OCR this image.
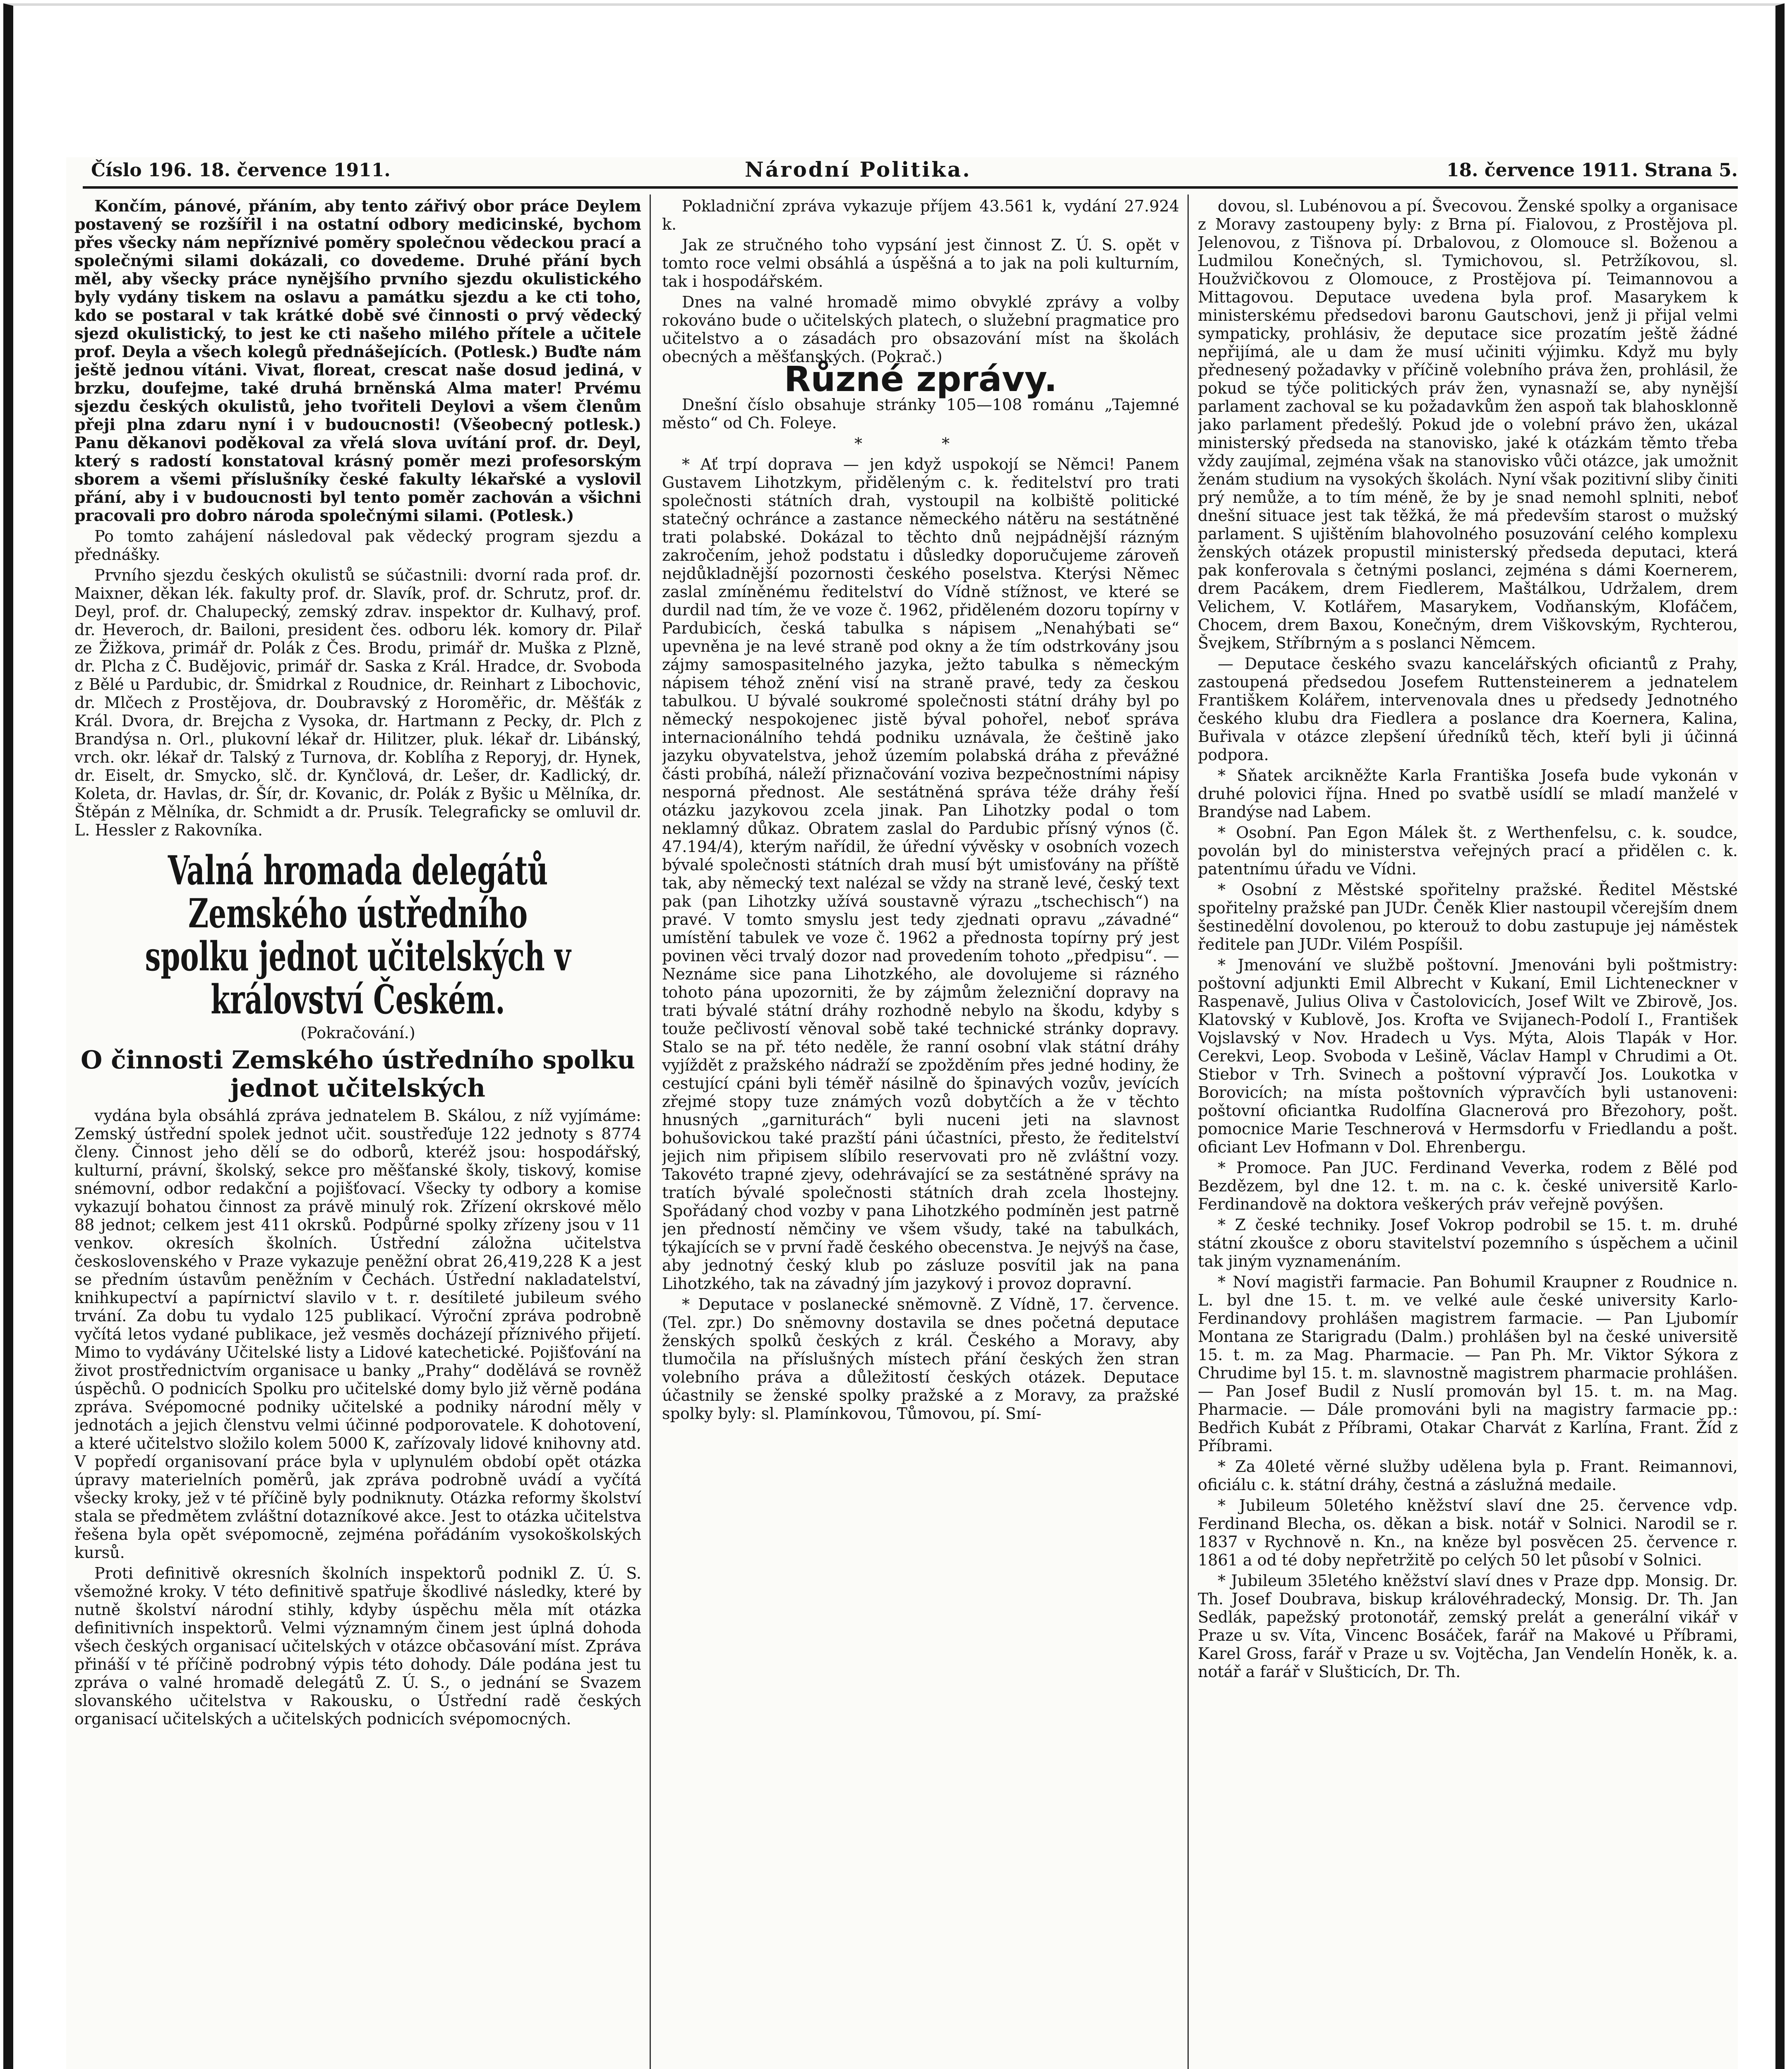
Číslo 196. 18. července 1911.	Národní Politika.	18. července 1911. Strana 5.

Končím, pánové, přáním, aby tento zářivý obor práce Deylem postavený se rozšířil i na ostatní odbory medicinské, bychom přes všecky nám nepříznivé poměry společnou vědeckou prací a společnými silami dokázali, co dovedeme. Druhé přání bych měl, aby všecky práce nynějšího prvního sjezdu okulistického byly vydány tiskem na oslavu a památku sjezdu a ke cti toho, kdo se postaral v tak krátké době své činnosti o prvý vědecký sjezd okulistický, to jest ke cti našeho milého přítele a učitele prof. Deyla a všech kolegů přednášejících. (Potlesk.) Buďte nám ještě jednou vítáni. Vivat, floreat, crescat naše dosud jediná, v brzku, doufejme, také druhá brněnská Alma mater! Prvému sjezdu českých okulistů, jeho tvořiteli Deylovi a všem členům přeji plna zdaru nyní i v budoucnosti! (Všeobecný potlesk.) Panu děkanovi poděkoval za vřelá slova uvítání prof. dr. Deyl, který s radostí konstatoval krásný poměr mezi profesorským sborem a všemi příslušníky české fakulty lékařské a vyslovil přání, aby i v budoucnosti byl tento poměr zachován a všichni pracovali pro dobro národa společnými silami. (Potlesk.)

Po tomto zahájení následoval pak vědecký program sjezdu a přednášky.

Prvního sjezdu českých okulistů se súčastnili: dvorní rada prof. dr. Maixner, děkan lék. fakulty prof. dr. Slavík, prof. dr. Schrutz, prof. dr. Deyl, prof. dr. Chalupecký, zemský zdrav. inspektor dr. Kulhavý, prof. dr. Heveroch, dr. Bailoni, president čes. odboru lék. komory dr. Pilař ze Žižkova, primář dr. Polák z Čes. Brodu, primář dr. Muška z Plzně, dr. Plcha z Č. Budějovic, primář dr. Saska z Král. Hradce, dr. Svoboda z Bělé u Pardubic, dr. Šmidrkal z Roudnice, dr. Reinhart z Libochovic, dr. Mlčech z Prostějova, dr. Doubravský z Horoměřic, dr. Měšťák z Král. Dvora, dr. Brejcha z Vysoka, dr. Hartmann z Pecky, dr. Plch z Brandýsa n. Orl., plukovní lékař dr. Hilitzer, pluk. lékař dr. Libánský, vrch. okr. lékař dr. Talský z Turnova, dr. Koblíha z Reporyj, dr. Hynek, dr. Eiselt, dr. Smycko, slč. dr. Kynčlová, dr. Lešer, dr. Kadlický, dr. Koleta, dr. Havlas, dr. Šír, dr. Kovanic, dr. Polák z Byšic u Mělníka, dr. Štěpán z Mělníka, dr. Schmidt a dr. Prusík. Telegraficky se omluvil dr. L. Hessler z Rakovníka.

Valná hromada delegátů Zemského ústředního spolku jednot učitelských v království Českém.

(Pokračování.)

O činnosti Zemského ústředního spolku jednot učitelských

vydána byla obsáhlá zpráva jednatelem B. Skálou, z níž vyjímáme: Zemský ústřední spolek jednot učit. soustřeďuje 122 jednoty s 8774 členy. Činnost jeho dělí se do odborů, kteréž jsou: hospodářský, kulturní, právní, školský, sekce pro měšťanské školy, tiskový, komise snémovní, odbor redakční a pojišťovací. Všecky ty odbory a komise vykazují bohatou činnost za právě minulý rok. Zřízení okrskové mělo 88 jednot; celkem jest 411 okrsků. Podpůrné spolky zřízeny jsou v 11 venkov. okresích školních. Ústřední záložna učitelstva československého v Praze vykazuje peněžní obrat 26,419,228 K a jest se předním ústavům peněžním v Čechách. Ústřední nakladatelství, knihkupectví a papírnictví slavilo v t. r. desítileté jubileum svého trvání. Za dobu tu vydalo 125 publikací. Výroční zpráva podrobně vyčítá letos vydané publikace, jež vesměs docházejí příznivého přijetí. Mimo to vydávány Učitelské listy a Lidové katechetické. Pojišťování na život prostřednictvím organisace u banky „Prahy“ dodělává se rovněž úspěchů. O podnicích Spolku pro učitelské domy bylo již věrně podána zpráva. Svépomocné podniky učitelské a podniky národní měly v jednotách a jejich členstvu velmi účinné podporovatele. K dohotovení, a které učitelstvo složilo kolem 5000 K, zařízovaly lidové knihovny atd. V popředí organisovaní práce byla v uplynulém období opět otázka úpravy materielních poměrů, jak zpráva podrobně uvádí a vyčítá všecky kroky, jež v té příčině byly podniknuty. Otázka reformy školství stala se předmětem zvláštní dotazníkové akce. Jest to otázka učitelstva řešena byla opět svépomocně, zejména pořádáním vysokoškolských kursů.

Proti definitivě okresních školních inspektorů podnikl Z. Ú. S. všemožné kroky. V této definitivě spatřuje škodlivé následky, které by nutně školství národní stihly, kdyby úspěchu měla mít otázka definitivních inspektorů. Velmi významným činem jest úplná dohoda všech českých organisací učitelských v otázce občasování míst. Zpráva přináší v té příčině podrobný výpis této dohody. Dále podána jest tu zpráva o valné hromadě delegátů Z. Ú. S., o jednání se Svazem slovanského učitelstva v Rakousku, o Ústřední radě českých organisací učitelských a učitelských podnicích svépomocných.

Pokladniční zpráva vykazuje příjem 43.561 k, vydání 27.924 k.

Jak ze stručného toho vypsání jest činnost Z. Ú. S. opět v tomto roce velmi obsáhlá a úspěšná a to jak na poli kulturním, tak i hospodářském.

Dnes na valné hromadě mimo obvyklé zprávy a volby rokováno bude o učitelských platech, o služební pragmatice pro učitelstvo a o zásadách pro obsazování míst na školách obecných a měšťanských. (Pokrač.)

Různé zprávy.

Dnešní číslo obsahuje stránky 105—108 románu „Tajemné město“ od Ch. Foleye.

* *

* Ať trpí doprava — jen když uspokojí se Němci! Panem Gustavem Lihotzkym, přiděleným c. k. ředitelství pro trati společnosti státních drah, vystoupil na kolbiště politické statečný ochránce a zastance německého nátěru na sestátněné trati polabské. Dokázal to těchto dnů nejpádnější rázným zakročením, jehož podstatu i důsledky doporučujeme zároveň nejdůkladnější pozornosti českého poselstva. Kterýsi Němec zaslal zmíněnému ředitelství do Vídně stížnost, ve které se durdil nad tím, že ve voze č. 1962, přiděleném dozoru topírny v Pardubicích, česká tabulka s nápisem „Nenahýbati se“ upevněna je na levé straně pod okny a že tím odstrkovány jsou zájmy samospasitelného jazyka, ježto tabulka s německým nápisem téhož znění visí na straně pravé, tedy za českou tabulkou. U bývalé soukromé společnosti státní dráhy byl po německý nespokojenec jistě býval pohořel, neboť správa internacionálního tehdá podniku uznávala, že češtině jako jazyku obyvatelstva, jehož územím polabská dráha z převážné části probíhá, náleží přiznačování voziva bezpečnostními nápisy nesporná přednost. Ale sestátněná správa téže dráhy řeší otázku jazykovou zcela jinak. Pan Lihotzky podal o tom neklamný důkaz. Obratem zaslal do Pardubic přísný výnos (č. 47.194/4), kterým nařídil, že úřední vývěsky v osobních vozech bývalé společnosti státních drah musí být umisťovány na příště tak, aby německý text nalézal se vždy na straně levé, český text pak (pan Lihotzky užívá soustavně výrazu „tschechisch“) na pravé. V tomto smyslu jest tedy zjednati opravu „závadné“ umístění tabulek ve voze č. 1962 a přednosta topírny prý jest povinen věci trvalý dozor nad provedením tohoto „předpisu“. — Neznáme sice pana Lihotzkého, ale dovolujeme si rázného tohoto pána upozorniti, že by zájmům železniční dopravy na trati bývalé státní dráhy rozhodně nebylo na škodu, kdyby s touže pečlivostí věnoval sobě také technické stránky dopravy. Stalo se na př. této neděle, že ranní osobní vlak státní dráhy vyjíždět z pražského nádraží se zpožděním přes jedné hodiny, že cestující cpáni byli téměř násilně do špinavých vozův, jevících zřejmé stopy tuze známých vozů dobytčích a že v těchto hnusných „garniturách“ byli nuceni jeti na slavnost bohušovickou také prazští páni účastníci, přesto, že ředitelství jejich nim připisem slíbilo reservovati pro ně zvláštní vozy. Takovéto trapné zjevy, odehrávající se za sestátněné správy na tratích bývalé společnosti státních drah zcela lhostejny. Spořádaný chod vozby v pana Lihotzkého podmíněn jest patrně jen předností němčiny ve všem všudy, také na tabulkách, týkajících se v první řadě českého obecenstva. Je nejvýš na čase, aby jednotný český klub po zásluze posvítil jak na pana Lihotzkého, tak na závadný jím jazykový i provoz dopravní.

* Deputace v poslanecké sněmovně. Z Vídně, 17. července. (Tel. zpr.) Do sněmovny dostavila se dnes početná deputace ženských spolků českých z král. Českého a Moravy, aby tlumočila na příslušných místech přání českých žen stran volebního práva a důležitostí českých otázek. Deputace účastnily se ženské spolky pražské a z Moravy, za pražské spolky byly: sl. Plamínkovou, Tůmovou, pí. Smí-

dovou, sl. Lubénovou a pí. Švecovou. Ženské spolky a organisace z Moravy zastoupeny byly: z Brna pí. Fialovou, z Prostějova pl. Jelenovou, z Tišnova pí. Drbalovou, z Olomouce sl. Boženou a Ludmilou Konečných, sl. Tymichovou, sl. Petržíkovou, sl. Houžvičkovou z Olomouce, z Prostějova pí. Teimannovou a Mittagovou. Deputace uvedena byla prof. Masarykem k ministerskému předsedovi baronu Gautschovi, jenž ji přijal velmi sympaticky, prohlásiv, že deputace sice prozatím ještě žádné nepřijímá, ale u dam že musí učiniti výjimku. Když mu byly přednesený požadavky v příčině volebního práva žen, prohlásil, že pokud se týče politických práv žen, vynasnaží se, aby nynější parlament zachoval se ku požadavkům žen aspoň tak blahosklonně jako parlament předešlý. Pokud jde o volební právo žen, ukázal ministerský předseda na stanovisko, jaké k otázkám těmto třeba vždy zaujímal, zejména však na stanovisko vůči otázce, jak umožnit ženám studium na vysokých školách. Nyní však pozitivní sliby činiti prý nemůže, a to tím méně, že by je snad nemohl splniti, neboť dnešní situace jest tak těžká, že má především starost o mužský parlament. S ujištěním blahovolného posuzování celého komplexu ženských otázek propustil ministerský předseda deputaci, která pak konferovala s četnými poslanci, zejména s dámi Koernerem, drem Pacákem, drem Fiedlerem, Maštálkou, Udržalem, drem Velichem, V. Kotlářem, Masarykem, Vodňanským, Klofáčem, Chocem, drem Baxou, Konečným, drem Viškovským, Rychterou, Švejkem, Stříbrným a s poslanci Němcem.

— Deputace českého svazu kancelářských oficiantů z Prahy, zastoupená předsedou Josefem Ruttensteinerem a jednatelem Františkem Kolářem, intervenovala dnes u předsedy Jednotného českého klubu dra Fiedlera a poslance dra Koernera, Kalina, Buřivala v otázce zlepšení úředníků těch, kteří byli ji účinná podpora.

* Sňatek arcikněžte Karla Františka Josefa bude vykonán v druhé polovici října. Hned po svatbě usídlí se mladí manželé v Brandýse nad Labem.

* Osobní. Pan Egon Málek št. z Werthenfelsu, c. k. soudce, povolán byl do ministerstva veřejných prací a přidělen c. k. patentnímu úřadu ve Vídni.

* Osobní z Městské spořitelny pražské. Ředitel Městské spořitelny pražské pan JUDr. Čeněk Klier nastoupil včerejším dnem šestinedělní dovolenou, po kterouž to dobu zastupuje jej náměstek ředitele pan JUDr. Vilém Pospíšil.

* Jmenování ve službě poštovní. Jmenováni byli poštmistry: poštovní adjunkti Emil Albrecht v Kukaní, Emil Lichteneckner v Raspenavě, Julius Oliva v Častolovicích, Josef Wilt ve Zbirově, Jos. Klatovský v Kublově, Jos. Krofta ve Svijanech-Podolí I., František Vojslavský v Nov. Hradech u Vys. Mýta, Alois Tlapák v Hor. Cerekvi, Leop. Svoboda v Lešině, Václav Hampl v Chrudimi a Ot. Stiebor v Trh. Svinech a poštovní výpravčí Jos. Loukotka v Borovicích; na místa poštovních výpravčích byli ustanoveni: poštovní oficiantka Rudolfína Glacnerová pro Březohory, pošt. pomocnice Marie Teschnerová v Hermsdorfu v Friedlandu a pošt. oficiant Lev Hofmann v Dol. Ehrenbergu.

* Promoce. Pan JUC. Ferdinand Veverka, rodem z Bělé pod Bezdězem, byl dne 12. t. m. na c. k. české universitě Karlo-Ferdinandově na doktora veškerých práv veřejně povýšen.

* Z české techniky. Josef Vokrop podrobil se 15. t. m. druhé státní zkoušce z oboru stavitelství pozemního s úspěchem a učinil tak jiným vyznamenáním.

* Noví magistři farmacie. Pan Bohumil Kraupner z Roudnice n. L. byl dne 15. t. m. ve velké aule české university Karlo-Ferdinandovy prohlášen magistrem farmacie. — Pan Ljubomír Montana ze Starigradu (Dalm.) prohlášen byl na české universitě 15. t. m. za Mag. Pharmacie. — Pan Ph. Mr. Viktor Sýkora z Chrudime byl 15. t. m. slavnostně magistrem pharmacie prohlášen. — Pan Josef Budil z Nuslí promován byl 15. t. m. na Mag. Pharmacie. — Dále promováni byli na magistry farmacie pp.: Bedřich Kubát z Příbrami, Otakar Charvát z Karlína, Frant. Žíd z Příbrami.

* Za 40leté věrné služby udělena byla p. Frant. Reimannovi, oficiálu c. k. státní dráhy, čestná a záslužná medaile.

* Jubileum 50letého kněžství slaví dne 25. července vdp. Ferdinand Blecha, os. děkan a bisk. notář v Solnici. Narodil se r. 1837 v Rychnově n. Kn., na kněze byl posvěcen 25. července r. 1861 a od té doby nepřetržitě po celých 50 let působí v Solnici.

* Jubileum 35letého kněžství slaví dnes v Praze dpp. Monsig. Dr. Th. Josef Doubrava, biskup královéhradecký, Monsig. Dr. Th. Jan Sedlák, papežský protonotář, zemský prelát a generální vikář v Praze u sv. Víta, Vincenc Bosáček, farář na Makové u Příbrami, Karel Gross, farář v Praze u sv. Vojtěcha, Jan Vendelín Honěk, k. a. notář a farář v Slušticích, Dr. Th.
